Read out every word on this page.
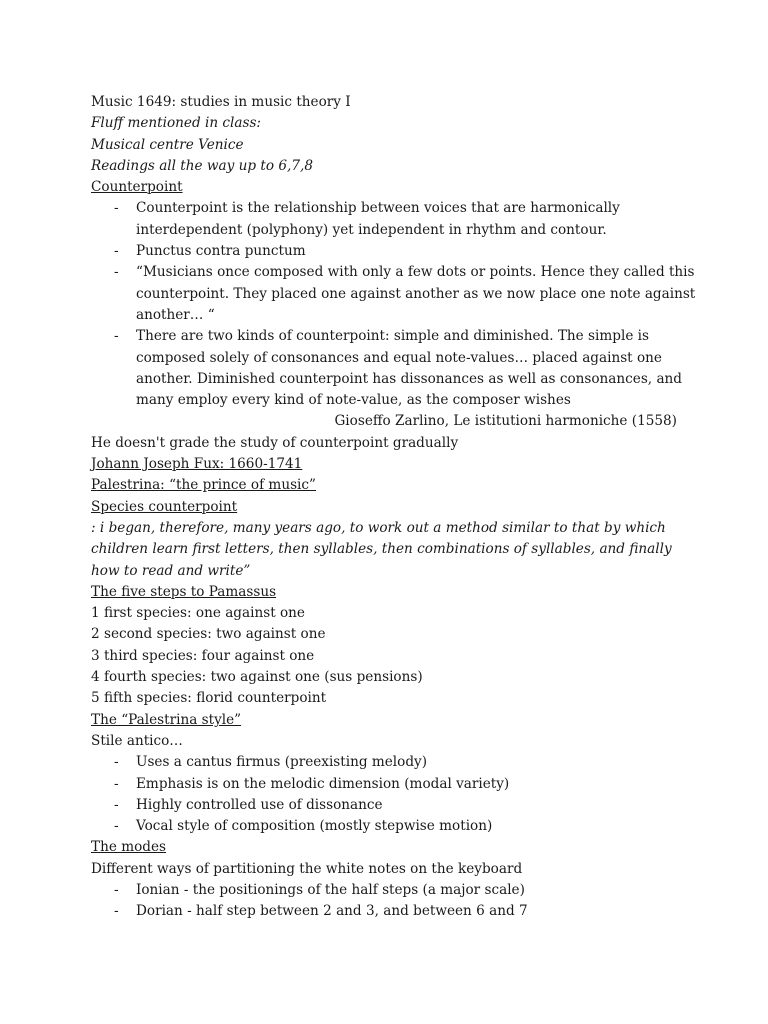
Music 1649: studies in music theory I
Fluff mentioned in class:
Musical centre Venice
Readings all the way up to 6,7,8
Counterpoint
- Counterpoint is the relationship between voices that are harmonically
interdependent (polyphony) yet independent in rhythm and contour.
- Punctus contra punctum
- “Musicians once composed with only a few dots or points. Hence they called this
counterpoint. They placed one against another as we now place one note against
another… “
- There are two kinds of counterpoint: simple and diminished. The simple is
composed solely of consonances and equal note-values… placed against one
another. Diminished counterpoint has dissonances as well as consonances, and
many employ every kind of note-value, as the composer wishes
Gioseffo Zarlino, Le istitutioni harmoniche (1558)
He doesn't grade the study of counterpoint gradually
Johann Joseph Fux: 1660-1741
Palestrina: “the prince of music”
Species counterpoint
: i began, therefore, many years ago, to work out a method similar to that by which
children learn first letters, then syllables, then combinations of syllables, and finally
how to read and write”
The five steps to Pamassus
1 first species: one against one
2 second species: two against one
3 third species: four against one
4 fourth species: two against one (sus pensions)
5 fifth species: florid counterpoint
The “Palestrina style”
Stile antico…
- Uses a cantus firmus (preexisting melody)
- Emphasis is on the melodic dimension (modal variety)
- Highly controlled use of dissonance
- Vocal style of composition (mostly stepwise motion)
The modes
Different ways of partitioning the white notes on the keyboard
- Ionian - the positionings of the half steps (a major scale)
- Dorian - half step between 2 and 3, and between 6 and 7
